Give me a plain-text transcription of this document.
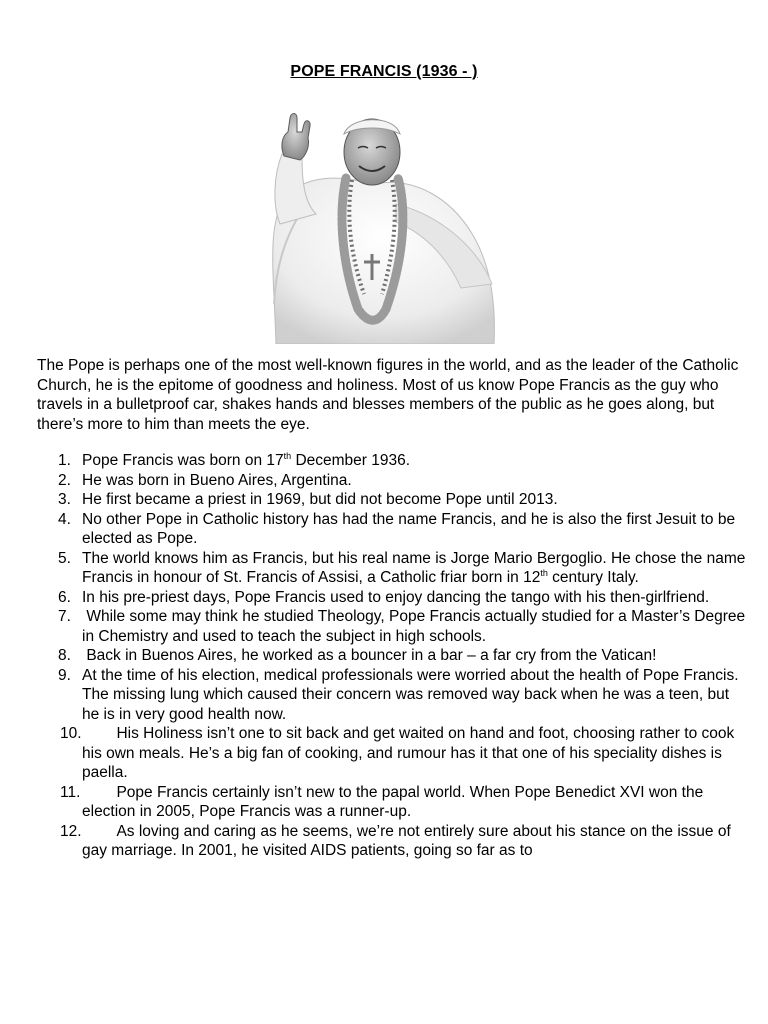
POPE FRANCIS (1936 - )

The Pope is perhaps one of the most well-known figures in the world, and as the leader of the Catholic Church, he is the epitome of goodness and holiness. Most of us know Pope Francis as the guy who travels in a bulletproof car, shakes hands and blesses members of the public as he goes along, but there’s more to him than meets the eye.

1. Pope Francis was born on 17th December 1936.
2. He was born in Bueno Aires, Argentina.
3. He first became a priest in 1969, but did not become Pope until 2013.
4. No other Pope in Catholic history has had the name Francis, and he is also the first Jesuit to be elected as Pope.
5. The world knows him as Francis, but his real name is Jorge Mario Bergoglio. He chose the name Francis in honour of St. Francis of Assisi, a Catholic friar born in 12th century Italy.
6. In his pre-priest days, Pope Francis used to enjoy dancing the tango with his then-girlfriend.
7. While some may think he studied Theology, Pope Francis actually studied for a Master’s Degree in Chemistry and used to teach the subject in high schools.
8. Back in Buenos Aires, he worked as a bouncer in a bar – a far cry from the Vatican!
9. At the time of his election, medical professionals were worried about the health of Pope Francis. The missing lung which caused their concern was removed way back when he was a teen, but he is in very good health now.
10. His Holiness isn’t one to sit back and get waited on hand and foot, choosing rather to cook his own meals. He’s a big fan of cooking, and rumour has it that one of his speciality dishes is paella.
11. Pope Francis certainly isn’t new to the papal world. When Pope Benedict XVI won the election in 2005, Pope Francis was a runner-up.
12. As loving and caring as he seems, we’re not entirely sure about his stance on the issue of gay marriage. In 2001, he visited AIDS patients, going so far as to
